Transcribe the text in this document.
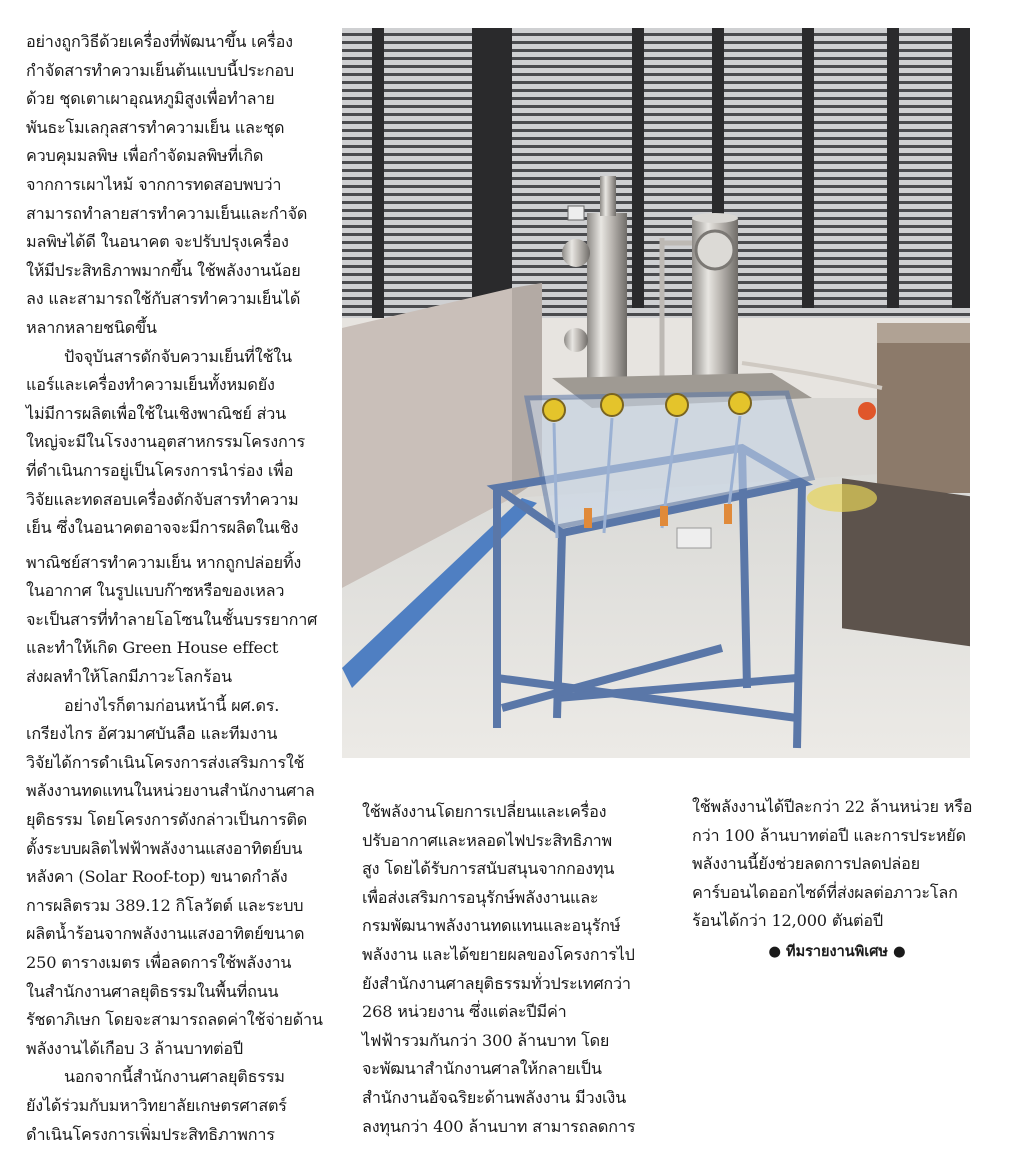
อย่างถูกวิธีด้วยเครื่องที่พัฒนาขึ้น เครื่อง
กำจัดสารทำความเย็นต้นแบบนี้ประกอบ
ด้วย ชุดเตาเผาอุณหภูมิสูงเพื่อทำลาย
พันธะโมเลกุลสารทำความเย็น และชุด
ควบคุมมลพิษ เพื่อกำจัดมลพิษที่เกิด
จากการเผาไหม้ จากการทดสอบพบว่า
สามารถทำลายสารทำความเย็นและกำจัด
มลพิษได้ดี ในอนาคต จะปรับปรุงเครื่อง
ให้มีประสิทธิภาพมากขึ้น ใช้พลังงานน้อย
ลง และสามารถใช้กับสารทำความเย็นได้
หลากหลายชนิดขึ้น

ปัจจุบันสารดักจับความเย็นที่ใช้ใน
แอร์และเครื่องทำความเย็นทั้งหมดยัง
ไม่มีการผลิตเพื่อใช้ในเชิงพาณิชย์ ส่วน
ใหญ่จะมีในโรงงานอุตสาหกรรมโครงการ
ที่ดำเนินการอยู่เป็นโครงการนำร่อง เพื่อ
วิจัยและทดสอบเครื่องดักจับสารทำความ
เย็น ซึ่งในอนาคตอาจจะมีการผลิตในเชิง

พาณิชย์สารทำความเย็น หากถูกปล่อยทิ้ง
ในอากาศ ในรูปแบบก๊าซหรือของเหลว
จะเป็นสารที่ทำลายโอโซนในชั้นบรรยากาศ
และทำให้เกิด Green House effect
ส่งผลทำให้โลกมีภาวะโลกร้อน

อย่างไรก็ตามก่อนหน้านี้ ผศ.ดร.
เกรียงไกร อัศวมาศบันลือ และทีมงาน
วิจัยได้การดำเนินโครงการส่งเสริมการใช้
พลังงานทดแทนในหน่วยงานสำนักงานศาล
ยุติธรรม โดยโครงการดังกล่าวเป็นการติด
ตั้งระบบผลิตไฟฟ้าพลังงานแสงอาทิตย์บน
หลังคา (Solar Roof-top) ขนาดกำลัง
การผลิตรวม 389.12 กิโลวัตต์ และระบบ
ผลิตน้ำร้อนจากพลังงานแสงอาทิตย์ขนาด
250 ตารางเมตร เพื่อลดการใช้พลังงาน
ในสำนักงานศาลยุติธรรมในพื้นที่ถนน
รัชดาภิเษก โดยจะสามารถลดค่าใช้จ่ายด้าน
พลังงานได้เกือบ 3 ล้านบาทต่อปี

นอกจากนี้สำนักงานศาลยุติธรรม
ยังได้ร่วมกับมหาวิทยาลัยเกษตรศาสตร์
ดำเนินโครงการเพิ่มประสิทธิภาพการ

ใช้พลังงานโดยการเปลี่ยนและเครื่อง
ปรับอากาศและหลอดไฟประสิทธิภาพ
สูง โดยได้รับการสนับสนุนจากกองทุน
เพื่อส่งเสริมการอนุรักษ์พลังงานและ
กรมพัฒนาพลังงานทดแทนและอนุรักษ์
พลังงาน และได้ขยายผลของโครงการไป
ยังสำนักงานศาลยุติธรรมทั่วประเทศกว่า
268 หน่วยงาน ซึ่งแต่ละปีมีค่า
ไฟฟ้ารวมกันกว่า 300 ล้านบาท โดย
จะพัฒนาสำนักงานศาลให้กลายเป็น
สำนักงานอัจฉริยะด้านพลังงาน มีวงเงิน
ลงทุนกว่า 400 ล้านบาท สามารถลดการ

ใช้พลังงานได้ปีละกว่า 22 ล้านหน่วย หรือ
กว่า 100 ล้านบาทต่อปี และการประหยัด
พลังงานนี้ยังช่วยลดการปลดปล่อย
คาร์บอนไดออกไซด์ที่ส่งผลต่อภาวะโลก
ร้อนได้กว่า 12,000 ตันต่อปี

● ทีมรายงานพิเศษ ●
